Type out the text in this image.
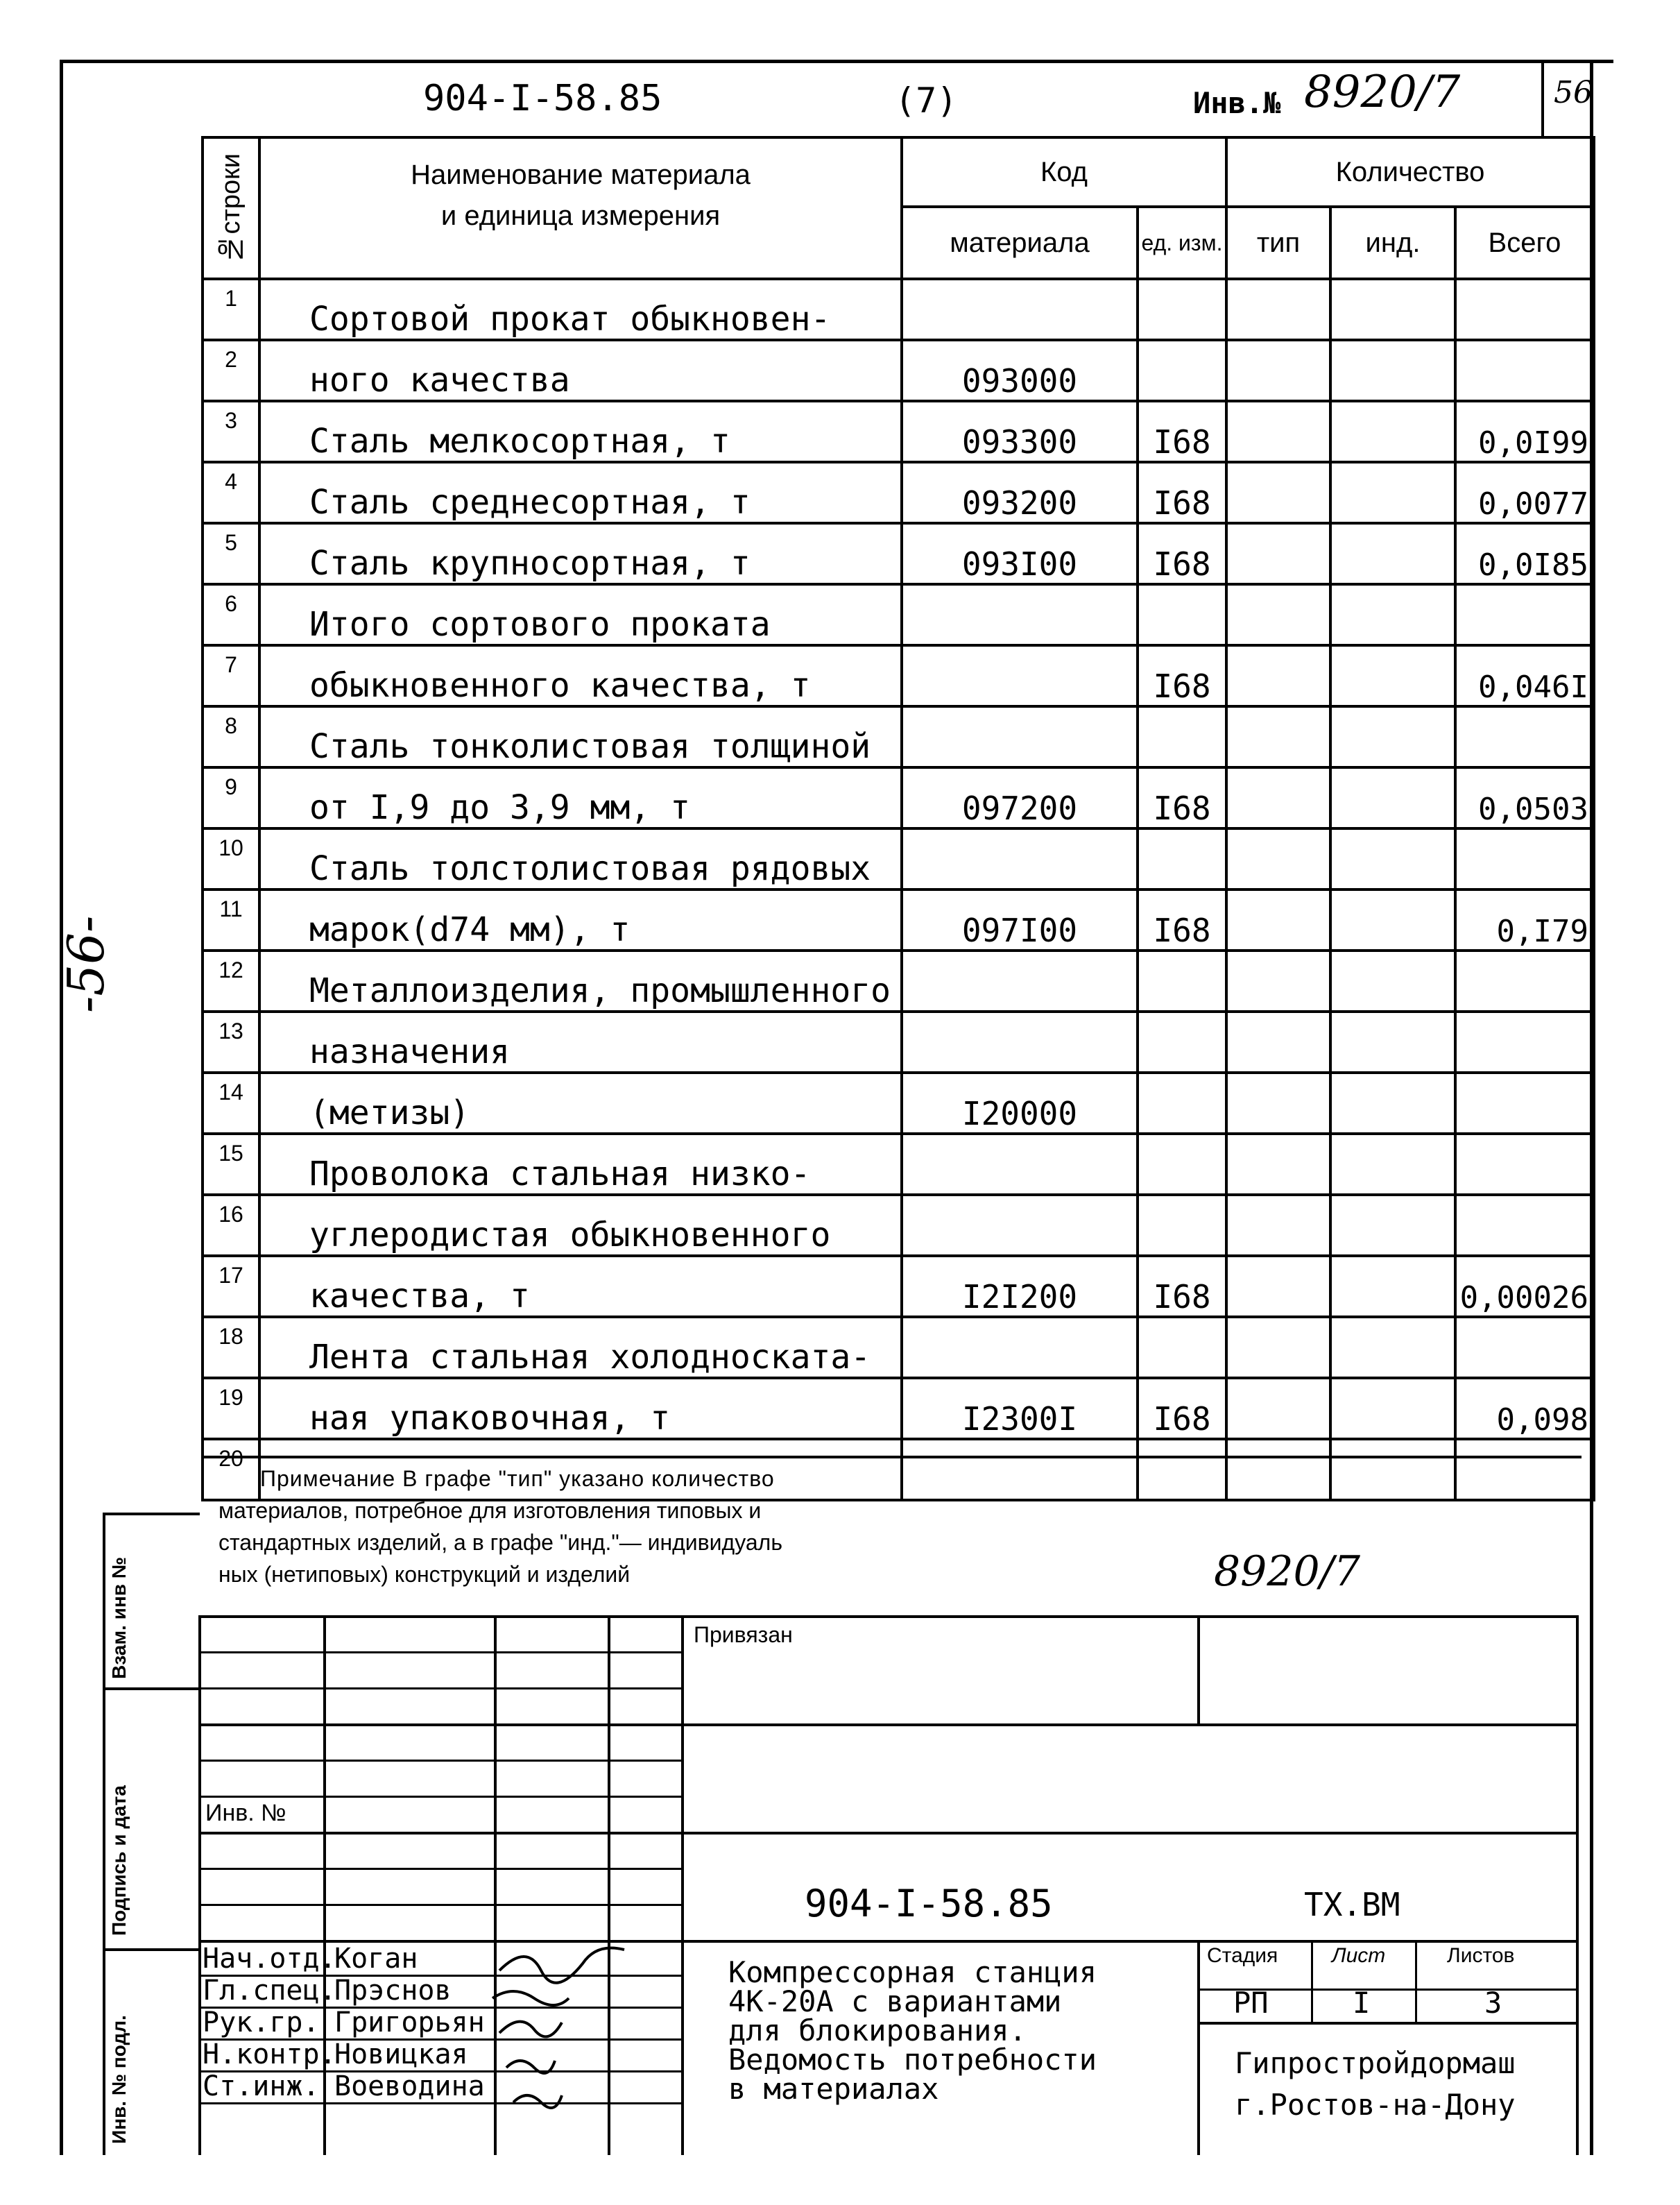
904-I-58.85	(7)	Инв.№ 8920/7	56
-56-
№строки	Наименование материала
и единица измерения	Код		Количество		
		материала	ед. изм.	тип	инд.	Всего
1	Сортовой прокат обыкновен-					
2	ного качества	093000				
3	Сталь мелкосортная, т	093300	I68			0,0I99
4	Сталь среднесортная, т	093200	I68			0,0077
5	Сталь крупносортная, т	093I00	I68			0,0I85
6	Итого сортового проката					
7	обыкновенного качества, т		I68			0,046I
8	Сталь тонколистовая толщиной					
9	от I,9 до 3,9 мм, т	097200	I68			0,0503
10	Сталь толстолистовая рядовых					
11	марок(d74 мм), т	097I00	I68			0,I79
12	Металлоизделия, промышленного					
13	назначения					
14	(метизы)	I20000				
15	Проволока стальная низко-					
16	углеродистая обыкновенного					
17	качества, т	I2I200	I68			0,00026
18	Лента стальная холоднocката-					
19	ная упаковочная, т	I2300I	I68			0,098
20						
Примечание В графе "тип" указано количество
материалов, потребное для изготовления типовых и
стандартных изделий, а в графе "инд."— индивидуаль
ных (нетиповых) конструкций и изделий	8920/7
Взам. инв №
Подпись и дата
Инв. № подл.
Привязан
Инв. №
904-I-58.85	ТХ.ВМ
Нач.отд.Коган
Гл.спец.Прэснов
Рук.гр. Григорьян
Н.контр.Новицкая
Ст.инж. Воеводина
Компрессорная станция
4К-20А с вариантами
для блокирования.
Ведомость потребности
в материалах
Стадия	Лист	Листов
РП	I	3
Гипростройдормаш
г.Ростов-на-Дону
